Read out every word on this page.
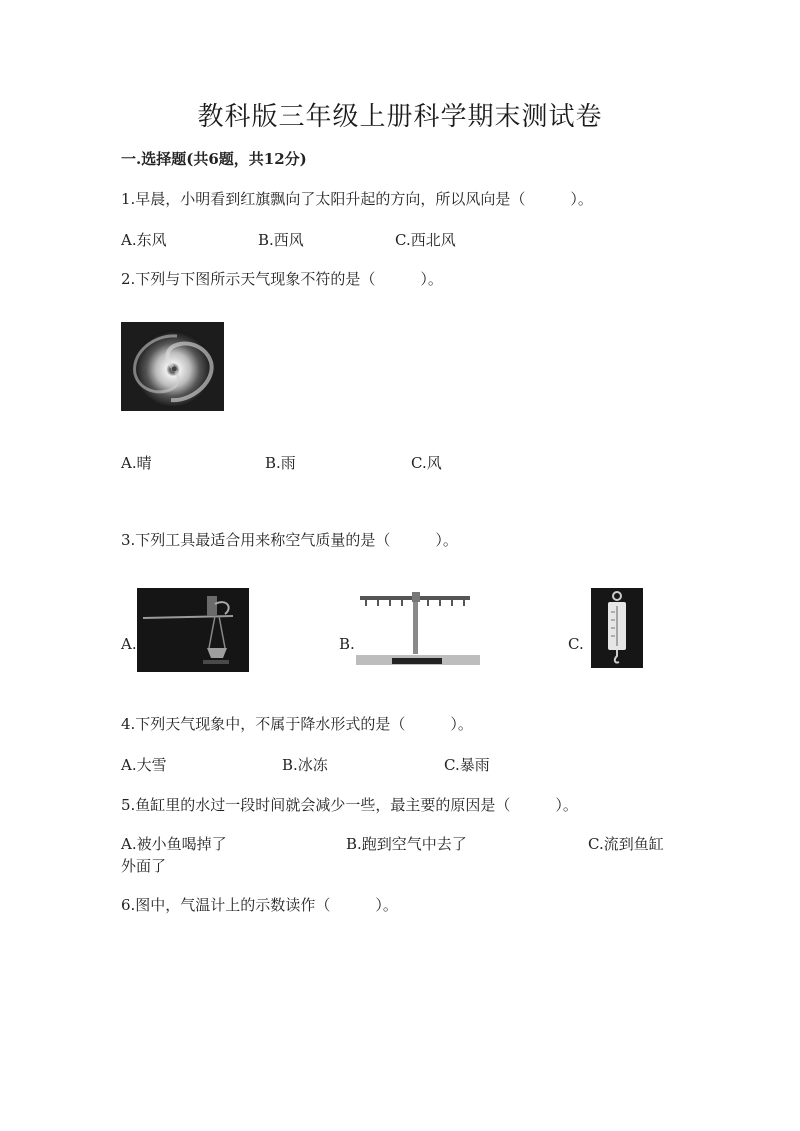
教科版三年级上册科学期末测试卷
一.选择题(共6题，共12分)
1.早晨，小明看到红旗飘向了太阳升起的方向，所以风向是（　　　）。
A.东风	B.西风	C.西北风
2.下列与下图所示天气现象不符的是（　　　）。
A.晴	B.雨	C.风
3.下列工具最适合用来称空气质量的是（　　　）。
A.	B.	C.
4.下列天气现象中，不属于降水形式的是（　　　）。
A.大雪	B.冰冻	C.暴雨
5.鱼缸里的水过一段时间就会减少一些，最主要的原因是（　　　）。
A.被小鱼喝掉了	B.跑到空气中去了	C.流到鱼缸
外面了
6.图中，气温计上的示数读作（　　　）。
